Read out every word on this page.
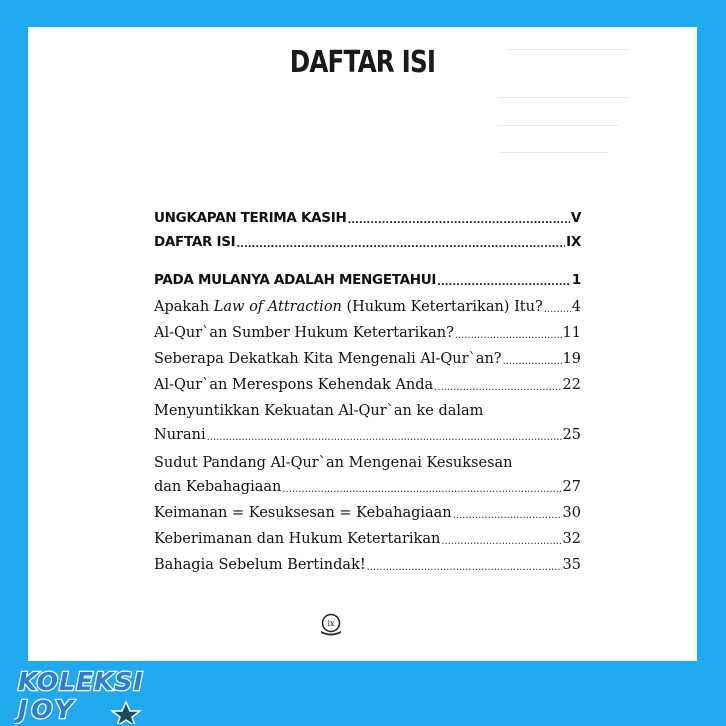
DAFTAR ISI
UNGKAPAN TERIMA KASIH .....	V
DAFTAR ISI .....	IX
PADA MULANYA ADALAH MENGETAHUI .....	1
Apakah Law of Attraction (Hukum Ketertarikan) Itu? ..... 4
Al-Qur`an Sumber Hukum Ketertarikan? .....	11
Seberapa Dekatkah Kita Mengenali Al-Qur`an? .....	19
Al-Qur`an Merespons Kehendak Anda .....	22
Menyuntikkan Kekuatan Al-Qur`an ke dalam
Nurani .....	25
Sudut Pandang Al-Qur`an Mengenai Kesuksesan
dan Kebahagiaan .....	27
Keimanan = Kesuksesan = Kebahagiaan .....	30
Keberimanan dan Hukum Ketertarikan .....	32
Bahagia Sebelum Bertindak! .....	35
ix
KOLEKSI
JOY
